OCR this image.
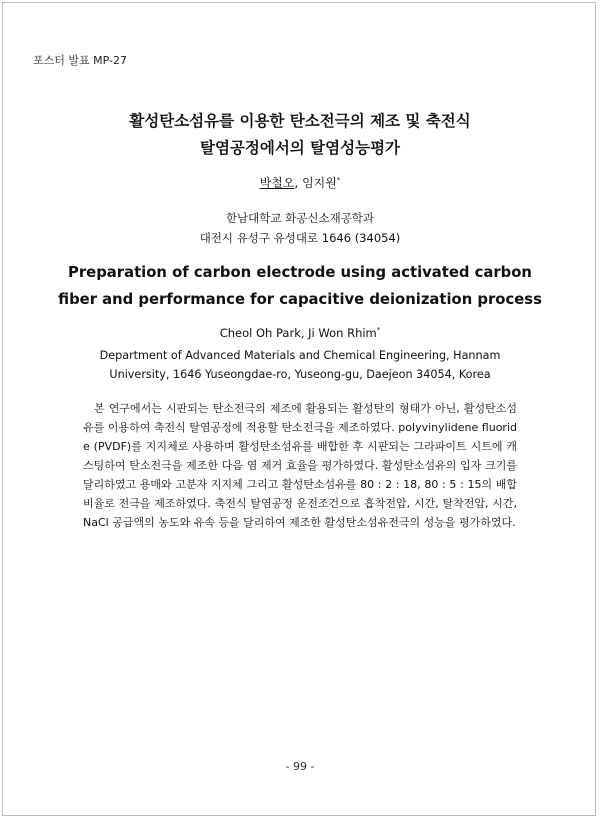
포스터 발표 MP-27
활성탄소섬유를 이용한 탄소전극의 제조 및 축전식
탈염공정에서의 탈염성능평가
박철오, 임지원*
한남대학교 화공신소재공학과
대전시 유성구 유성대로 1646 (34054)
Preparation of carbon electrode using activated carbon
fiber and performance for capacitive deionization process
Cheol Oh Park, Ji Won Rhim*
Department of Advanced Materials and Chemical Engineering, Hannam
University, 1646 Yuseongdae-ro, Yuseong-gu, Daejeon 34054, Korea
본 연구에서는 시판되는 탄소전극의 제조에 활용되는 활성탄의 형태가 아닌, 활성탄소섬유를 이용하여 축전식 탈염공정에 적용할 탄소전극을 제조하였다. polyvinylidene fluoride (PVDF)를 지지체로 사용하며 활성탄소섬유를 배합한 후 시판되는 그라파이트 시트에 캐스팅하여 탄소전극을 제조한 다음 염 제거 효율을 평가하였다. 활성탄소섬유의 입자 크기를 달리하였고 용매와 고분자 지지체 그리고 활성탄소섬유를 80 : 2 : 18, 80 : 5 : 15의 배합비율로 전극을 제조하였다. 축전식 탈염공정 운전조건으로 흡착전압, 시간, 탈착전압, 시간, NaCl 공급액의 농도와 유속 등을 달리하여 제조한 활성탄소섬유전극의 성능을 평가하였다.
- 99 -
